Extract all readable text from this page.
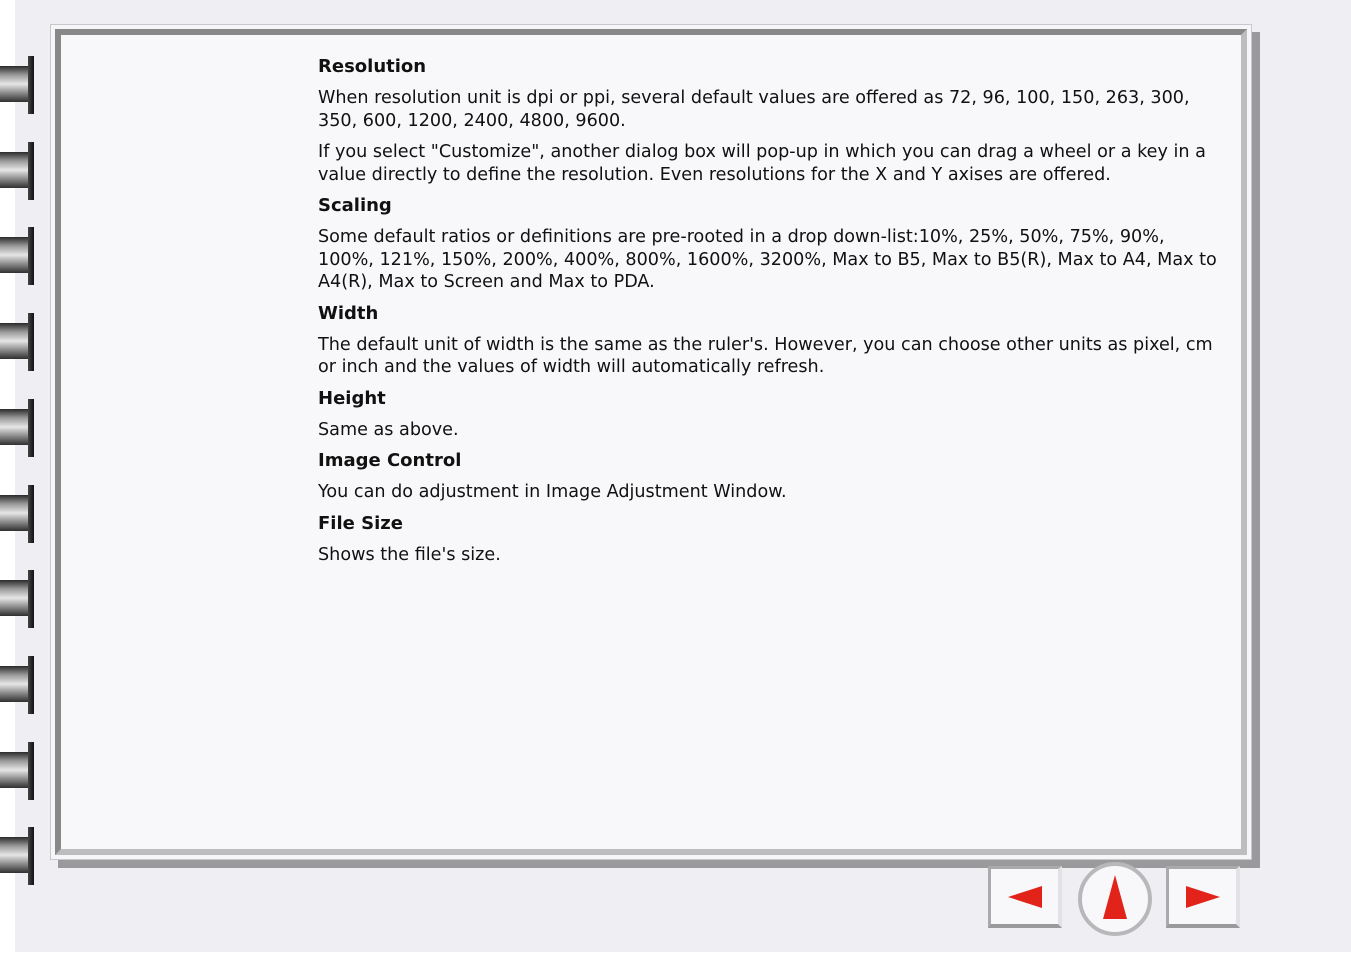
Resolution

When resolution unit is dpi or ppi, several default values are offered as 72, 96, 100, 150, 263, 300, 350, 600, 1200, 2400, 4800, 9600.

If you select "Customize", another dialog box will pop-up in which you can drag a wheel or a key in a value directly to define the resolution. Even resolutions for the X and Y axises are offered.

Scaling

Some default ratios or definitions are pre-rooted in a drop down-list:10%, 25%, 50%, 75%, 90%, 100%, 121%, 150%, 200%, 400%, 800%, 1600%, 3200%, Max to B5, Max to B5(R), Max to A4, Max to A4(R), Max to Screen and Max to PDA.

Width

The default unit of width is the same as the ruler's. However, you can choose other units as pixel, cm or inch and the values of width will automatically refresh.

Height

Same as above.

Image Control

You can do adjustment in Image Adjustment Window.

File Size

Shows the file's size.
